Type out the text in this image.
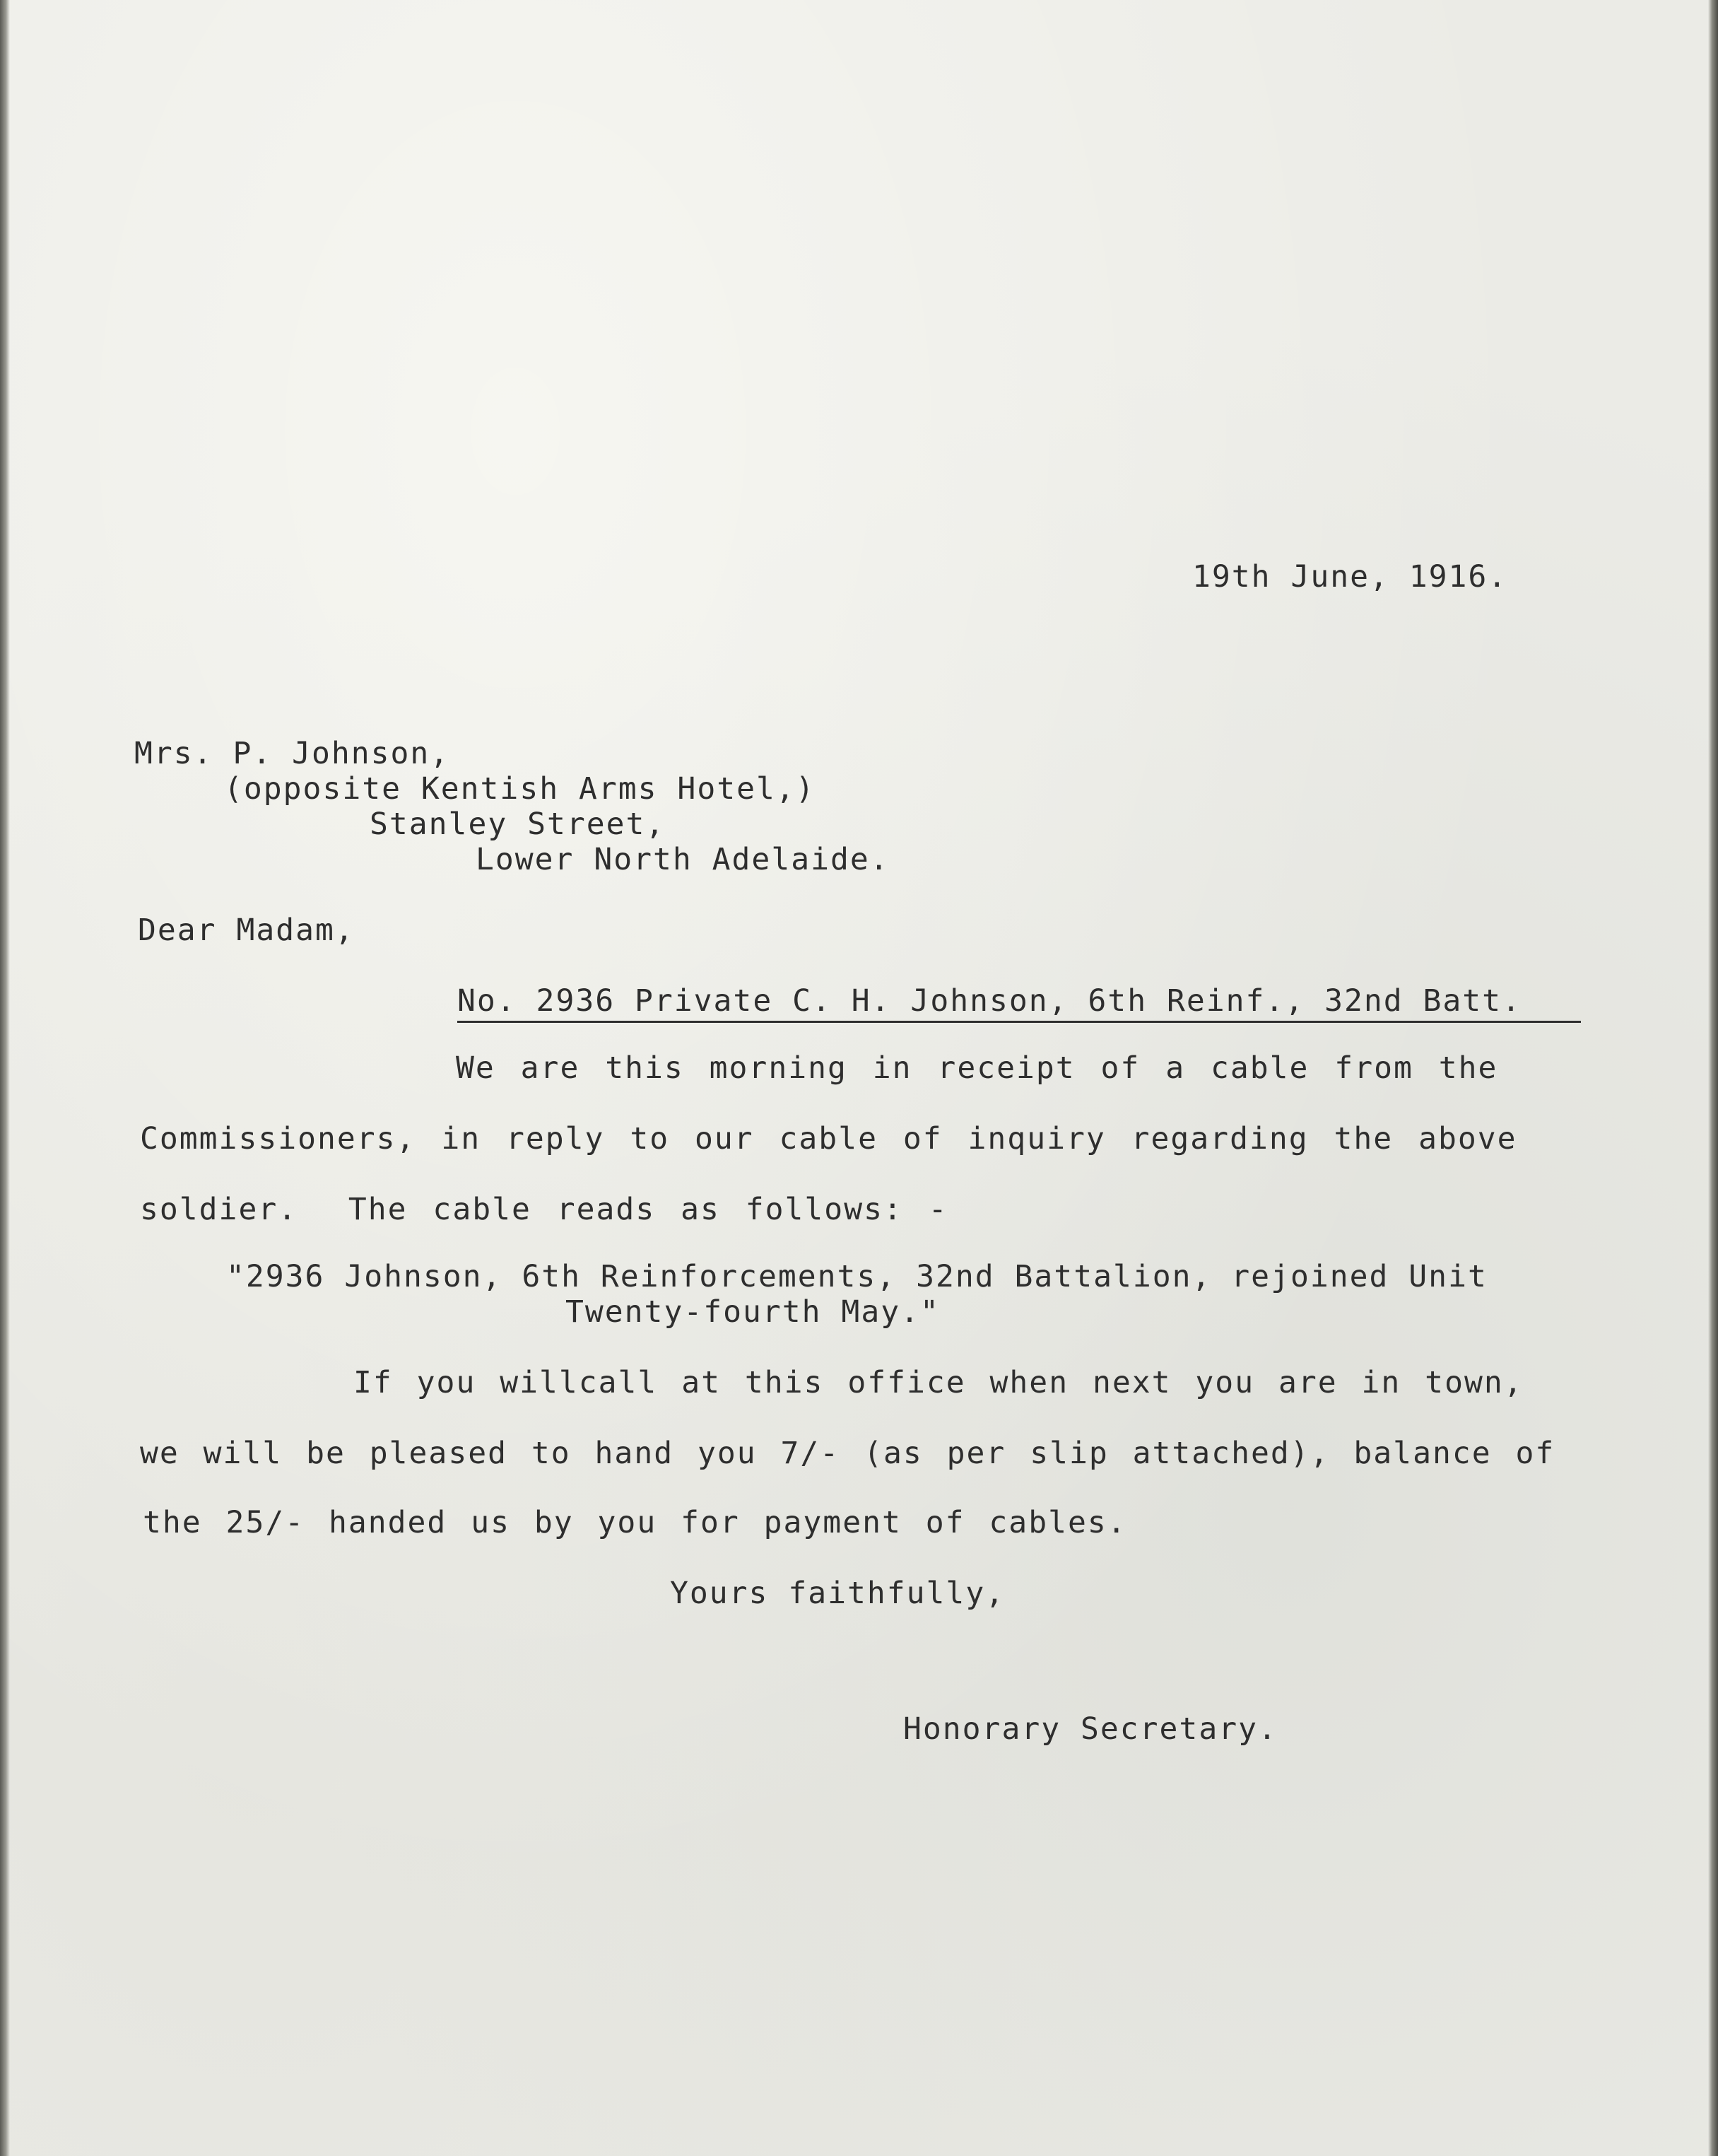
19th June, 1916.
Mrs. P. Johnson,
(opposite Kentish Arms Hotel,)
Stanley Street,
Lower North Adelaide.
Dear Madam,
No. 2936 Private C. H. Johnson, 6th Reinf., 32nd Batt.
We are this morning in receipt of a cable from the
Commissioners, in reply to our cable of inquiry regarding the above
soldier.  The cable reads as follows: -
"2936 Johnson, 6th Reinforcements, 32nd Battalion, rejoined Unit
Twenty-fourth May."
If you willcall at this office when next you are in town,
we will be pleased to hand you 7/- (as per slip attached), balance of
the 25/- handed us by you for payment of cables.
Yours faithfully,
Honorary Secretary.
